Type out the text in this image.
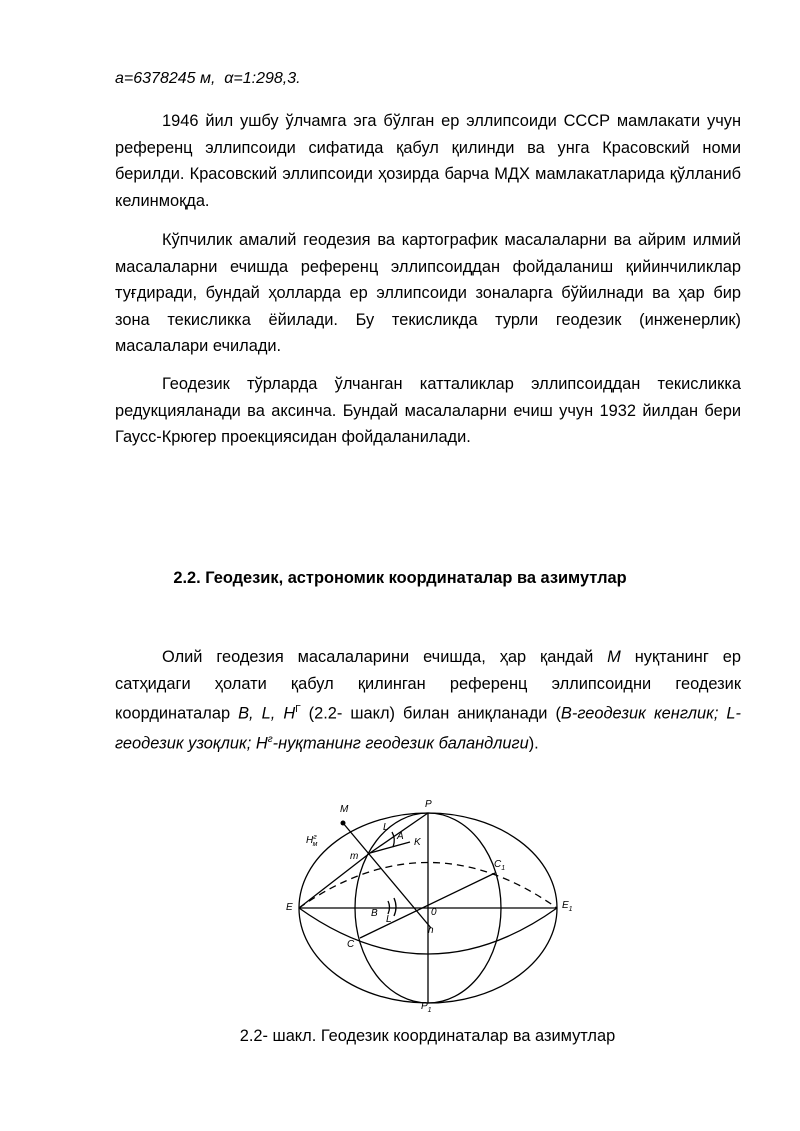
a=6378245 м, α=1:298,3.

1946 йил ушбу ўлчамга эга бўлган ер эллипсоиди СССР мамлакати учун референц эллипсоиди сифатида қабул қилинди ва унга Красовский номи берилди. Красовский эллипсоиди ҳозирда барча МДХ мамлакатларида қўлланиб келинмоқда.

Кўпчилик амалий геодезия ва картографик масалаларни ва айрим илмий масалаларни ечишда референц эллипсоиддан фойдаланиш қийинчиликлар туғдиради, бундай ҳолларда ер эллипсоиди зоналарга бўйилнади ва ҳар бир зона текисликка ёйилади. Бу текисликда турли геодезик (инженерлик) масалалари ечилади.

Геодезик тўрларда ўлчанган катталиклар эллипсоиддан текисликка редукцияланади ва аксинча. Бундай масалаларни ечиш учун 1932 йилдан бери Гаусс-Крюгер проекциясидан фойдаланилади.

2.2. Геодезик, астрономик координаталар ва азимутлар

Олий геодезия масалаларини ечишда, ҳар қандай M нуқтанинг ер сатҳидаги ҳолати қабул қилинган референц эллипсоидни геодезик координаталар B, L, $H^Г$ (2.2- шакл) билан аниқланади (B-геодезик кенглик; L-геодезик узоқлик; $H^г$-нуқтанинг геодезик баландлиги).

M	P
L
A
K
$H^г$ м
m
$C_1$
E	$E_1$
B
L
0
n
C
$P_1$
2.2- шакл. Геодезик координаталар ва азимутлар
